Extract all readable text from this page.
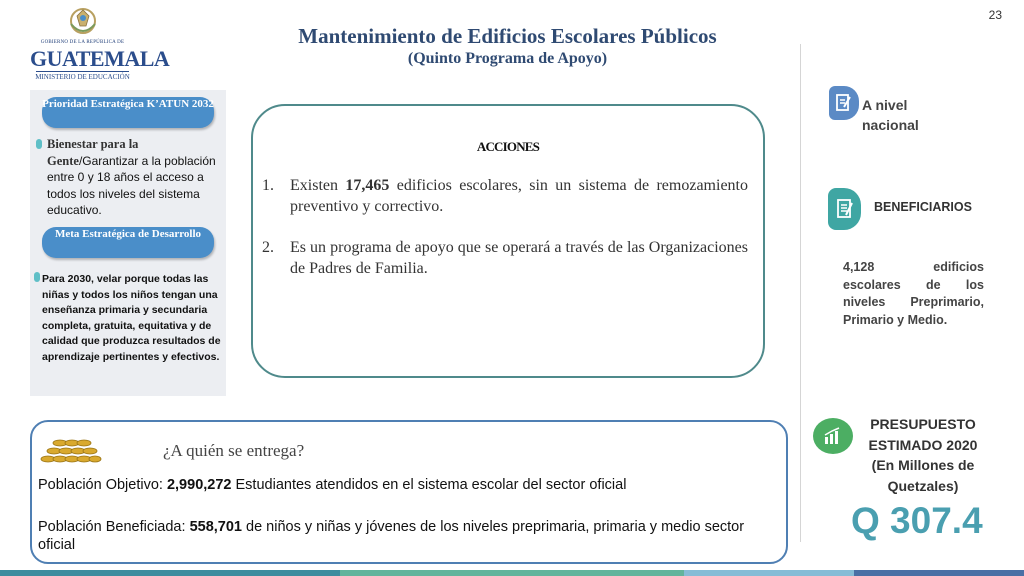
23
GOBIERNO DE LA REPÚBLICA DE
GUATEMALA
MINISTERIO DE EDUCACIÓN
Mantenimiento de Edificios Escolares Públicos
(Quinto Programa de Apoyo)
Prioridad Estratégica K’ATUN 2032
Bienestar para la Gente/Garantizar a la población entre 0 y 18 años el acceso a todos los niveles del sistema educativo.
Meta Estratégica de Desarrollo
Para 2030, velar porque todas las niñas y todos los niños tengan una enseñanza primaria y secundaria completa, gratuita, equitativa y de calidad que produzca resultados de aprendizaje pertinentes y efectivos.
ACCIONES
1. Existen 17,465 edificios escolares, sin un sistema de remozamiento preventivo y correctivo.
2. Es un programa de apoyo que se operará a través de las Organizaciones de Padres de Familia.
A nivel nacional
BENEFICIARIOS
4,128 edificios escolares de los niveles Preprimario, Primario y Medio.
PRESUPUESTO ESTIMADO 2020 (En Millones de Quetzales)
Q 307.4
¿A quién se entrega?
Población Objetivo: 2,990,272 Estudiantes atendidos en el sistema escolar del sector oficial
Población Beneficiada: 558,701 de niños y niñas y jóvenes de los niveles preprimaria, primaria y medio sector oficial
